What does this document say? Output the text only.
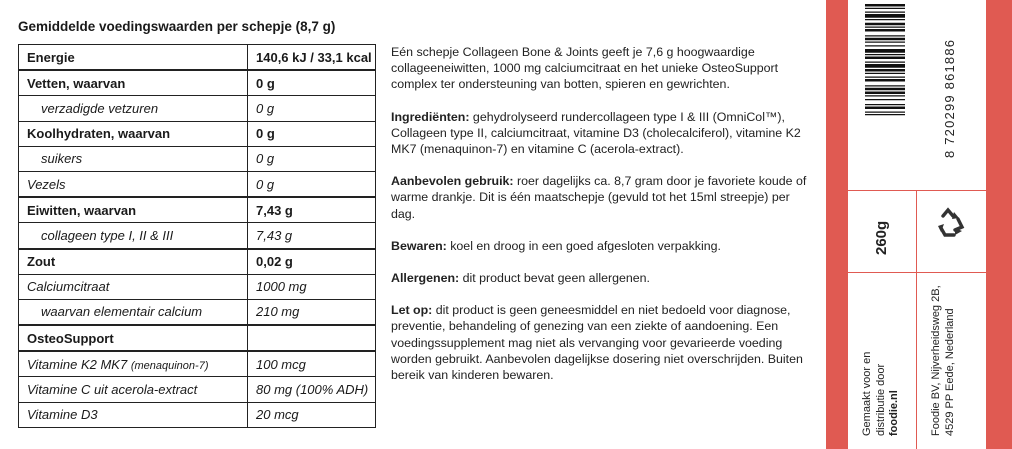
Gemiddelde voedingswaarden per schepje (8,7 g)
Energie	140,6 kJ / 33,1 kcal
Vetten, waarvan	0 g
verzadigde vetzuren	0 g
Koolhydraten, waarvan	0 g
suikers	0 g
Vezels	0 g
Eiwitten, waarvan	7,43 g
collageen type I, II & III	7,43 g
Zout	0,02 g
Calciumcitraat	1000 mg
waarvan elementair calcium	210 mg
OsteoSupport	
Vitamine K2 MK7 (menaquinon-7)	100 mcg
Vitamine C uit acerola-extract	80 mg (100% ADH)
Vitamine D3	20 mcg

Eén schepje Collageen Bone & Joints geeft je 7,6 g hoogwaardige collageeneiwitten, 1000 mg calciumcitraat en het unieke OsteoSupport complex ter ondersteuning van botten, spieren en gewrichten.

Ingrediënten: gehydrolyseerd rundercollageen type I & III (OmniCol™), Collageen type II, calciumcitraat, vitamine D3 (cholecalciferol), vitamine K2 MK7 (menaquinon-7) en vitamine C (acerola-extract).

Aanbevolen gebruik: roer dagelijks ca. 8,7 gram door je favoriete koude of warme drankje. Dit is één maatschepje (gevuld tot het 15ml streepje) per dag.

Bewaren: koel en droog in een goed afgesloten verpakking.

Allergenen: dit product bevat geen allergenen.

Let op: dit product is geen geneesmiddel en niet bedoeld voor diagnose, preventie, behandeling of genezing van een ziekte of aandoening. Een voedingssupplement mag niet als vervanging voor gevarieerde voeding worden gebruikt. Aanbevolen dagelijkse dosering niet overschrijden. Buiten bereik van kinderen bewaren.

8 720299 861886
260g
Gemaakt voor en distributie door foodie.nl	Foodie BV, Nijverheidsweg 2B, 4529 PP Eede, Nederland
